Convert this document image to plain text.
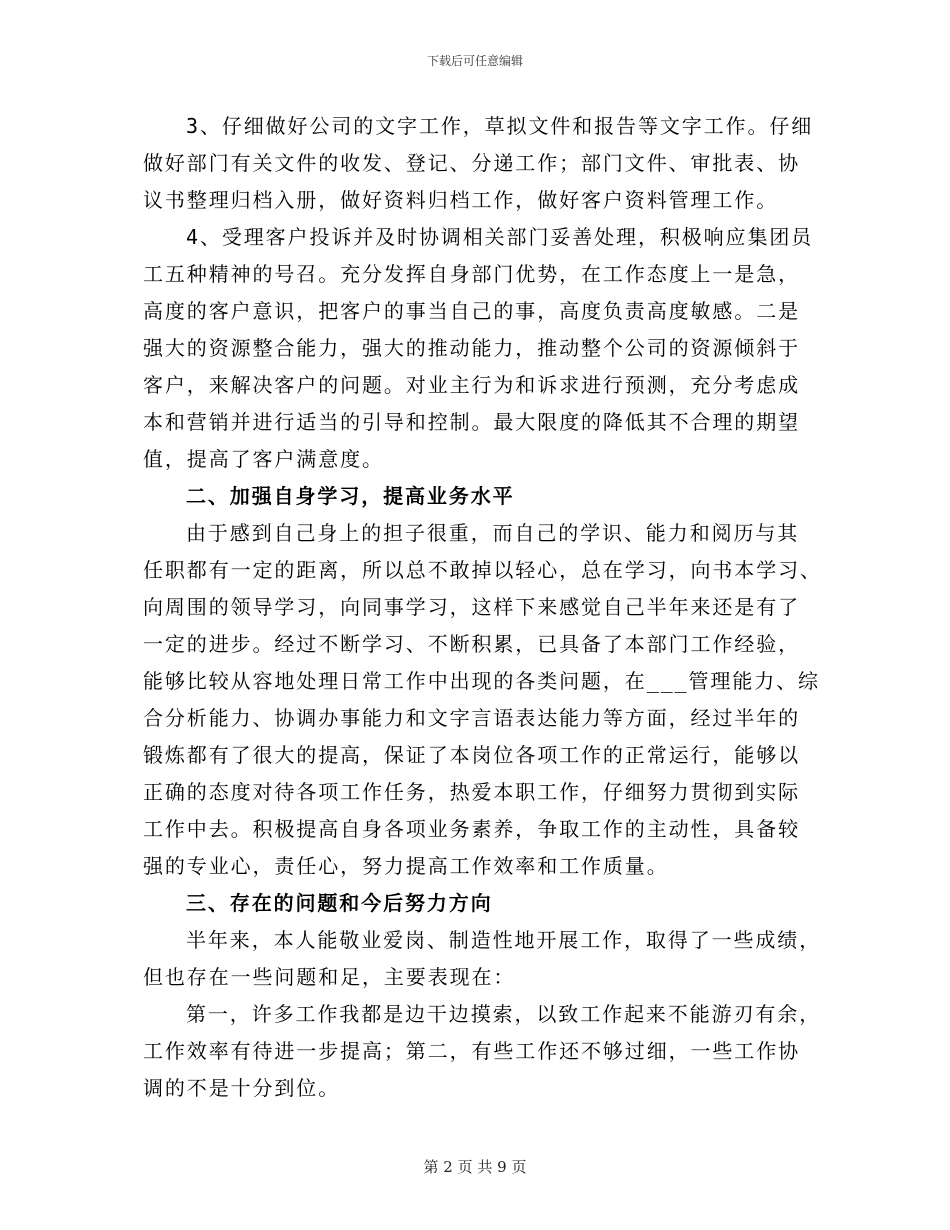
下载后可任意编辑
3、仔细做好公司的文字工作，草拟文件和报告等文字工作。仔细
做好部门有关文件的收发、登记、分递工作；部门文件、审批表、协
议书整理归档入册，做好资料归档工作，做好客户资料管理工作。
4、受理客户投诉并及时协调相关部门妥善处理，积极响应集团员
工五种精神的号召。充分发挥自身部门优势，在工作态度上一是急，
高度的客户意识，把客户的事当自己的事，高度负责高度敏感。二是
强大的资源整合能力，强大的推动能力，推动整个公司的资源倾斜于
客户，来解决客户的问题。对业主行为和诉求进行预测，充分考虑成
本和营销并进行适当的引导和控制。最大限度的降低其不合理的期望
值，提高了客户满意度。
二、加强自身学习，提高业务水平
由于感到自己身上的担子很重，而自己的学识、能力和阅历与其
任职都有一定的距离，所以总不敢掉以轻心，总在学习，向书本学习、
向周围的领导学习，向同事学习，这样下来感觉自己半年来还是有了
一定的进步。经过不断学习、不断积累，已具备了本部门工作经验，
能够比较从容地处理日常工作中出现的各类问题，在___管理能力、综
合分析能力、协调办事能力和文字言语表达能力等方面，经过半年的
锻炼都有了很大的提高，保证了本岗位各项工作的正常运行，能够以
正确的态度对待各项工作任务，热爱本职工作，仔细努力贯彻到实际
工作中去。积极提高自身各项业务素养，争取工作的主动性，具备较
强的专业心，责任心，努力提高工作效率和工作质量。
三、存在的问题和今后努力方向
半年来，本人能敬业爱岗、制造性地开展工作，取得了一些成绩，
但也存在一些问题和足，主要表现在：
第一，许多工作我都是边干边摸索，以致工作起来不能游刃有余，
工作效率有待进一步提高；第二，有些工作还不够过细，一些工作协
调的不是十分到位。
第 2 页 共 9 页
